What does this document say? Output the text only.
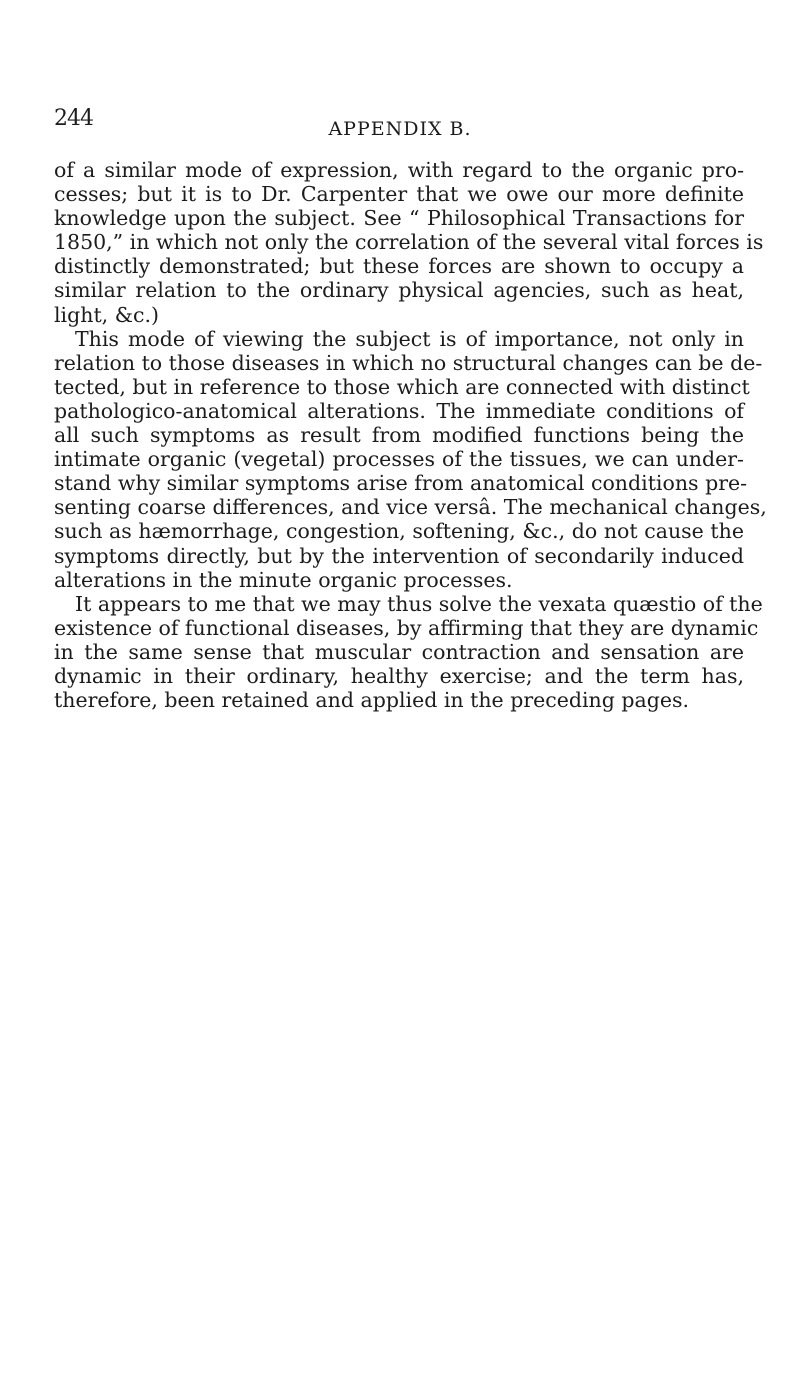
244	APPENDIX B.
of a similar mode of expression, with regard to the organic pro-
cesses; but it is to Dr. Carpenter that we owe our more definite
knowledge upon the subject. See “ Philosophical Transactions for
1850,” in which not only the correlation of the several vital forces is
distinctly demonstrated; but these forces are shown to occupy a
similar relation to the ordinary physical agencies, such as heat,
light, &c.)
This mode of viewing the subject is of importance, not only in
relation to those diseases in which no structural changes can be de-
tected, but in reference to those which are connected with distinct
pathologico-anatomical alterations. The immediate conditions of
all such symptoms as result from modified functions being the
intimate organic (vegetal) processes of the tissues, we can under-
stand why similar symptoms arise from anatomical conditions pre-
senting coarse differences, and vice versâ. The mechanical changes,
such as hæmorrhage, congestion, softening, &c., do not cause the
symptoms directly, but by the intervention of secondarily induced
alterations in the minute organic processes.
It appears to me that we may thus solve the vexata quæstio of the
existence of functional diseases, by affirming that they are dynamic
in the same sense that muscular contraction and sensation are
dynamic in their ordinary, healthy exercise; and the term has,
therefore, been retained and applied in the preceding pages.
